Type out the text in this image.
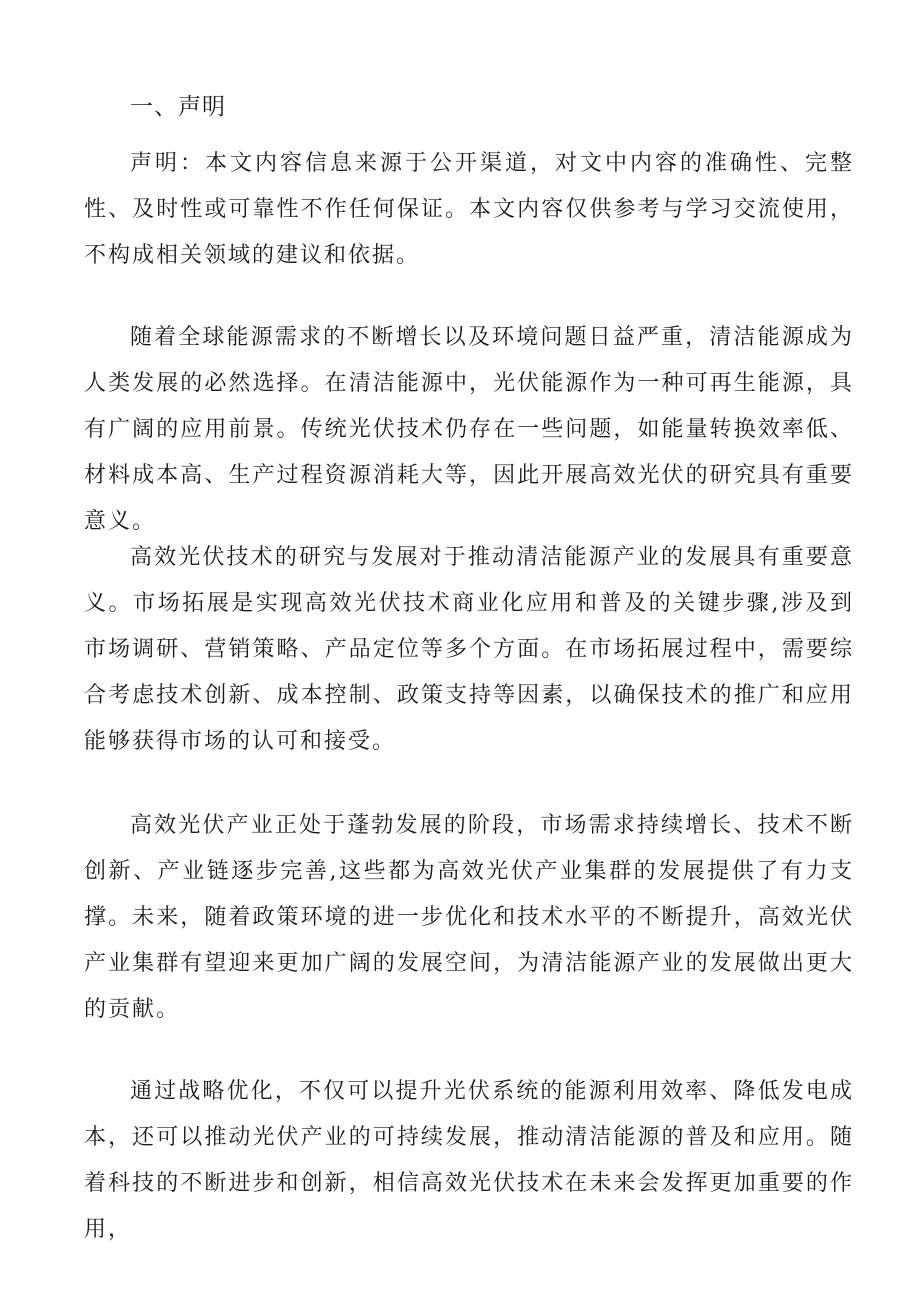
一、声明

声明：本文内容信息来源于公开渠道，对文中内容的准确性、完整性、及时性或可靠性不作任何保证。本文内容仅供参考与学习交流使用，不构成相关领域的建议和依据。

随着全球能源需求的不断增长以及环境问题日益严重，清洁能源成为人类发展的必然选择。在清洁能源中，光伏能源作为一种可再生能源，具有广阔的应用前景。传统光伏技术仍存在一些问题，如能量转换效率低、材料成本高、生产过程资源消耗大等，因此开展高效光伏的研究具有重要意义。

高效光伏技术的研究与发展对于推动清洁能源产业的发展具有重要意义。市场拓展是实现高效光伏技术商业化应用和普及的关键步骤,涉及到市场调研、营销策略、产品定位等多个方面。在市场拓展过程中，需要综合考虑技术创新、成本控制、政策支持等因素，以确保技术的推广和应用能够获得市场的认可和接受。

高效光伏产业正处于蓬勃发展的阶段，市场需求持续增长、技术不断创新、产业链逐步完善,这些都为高效光伏产业集群的发展提供了有力支撑。未来，随着政策环境的进一步优化和技术水平的不断提升，高效光伏产业集群有望迎来更加广阔的发展空间，为清洁能源产业的发展做出更大的贡献。

通过战略优化，不仅可以提升光伏系统的能源利用效率、降低发电成本，还可以推动光伏产业的可持续发展，推动清洁能源的普及和应用。随着科技的不断进步和创新，相信高效光伏技术在未来会发挥更加重要的作用，
